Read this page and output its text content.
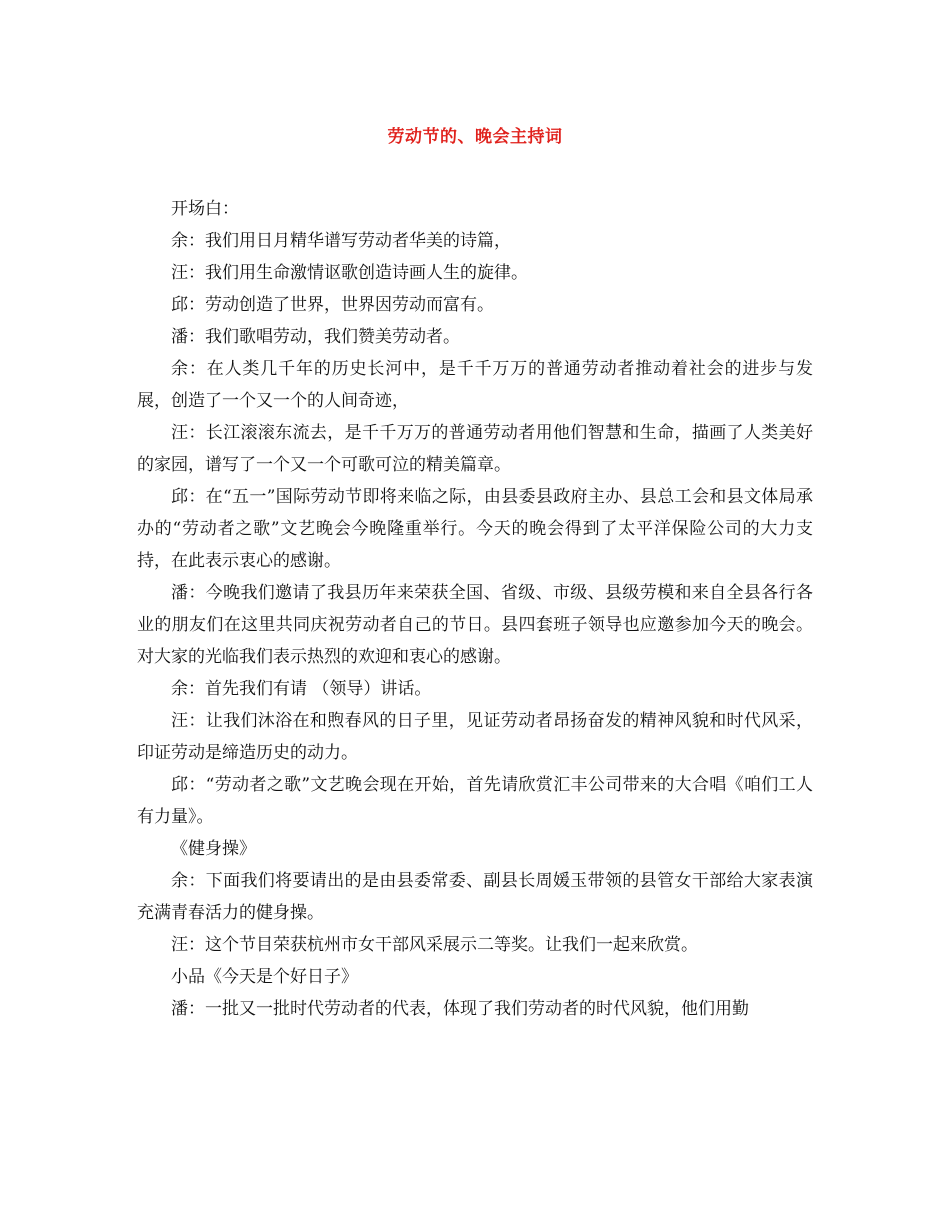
劳动节的、晚会主持词

开场白：

余：我们用日月精华谱写劳动者华美的诗篇，

汪：我们用生命激情讴歌创造诗画人生的旋律。

邱：劳动创造了世界，世界因劳动而富有。

潘：我们歌唱劳动，我们赞美劳动者。

余：在人类几千年的历史长河中，是千千万万的普通劳动者推动着社会的进步与发展，创造了一个又一个的人间奇迹，

汪：长江滚滚东流去，是千千万万的普通劳动者用他们智慧和生命，描画了人类美好的家园，谱写了一个又一个可歌可泣的精美篇章。

邱：在“五一”国际劳动节即将来临之际，由县委县政府主办、县总工会和县文体局承办的“劳动者之歌”文艺晚会今晚隆重举行。今天的晚会得到了太平洋保险公司的大力支持，在此表示衷心的感谢。

潘：今晚我们邀请了我县历年来荣获全国、省级、市级、县级劳模和来自全县各行各业的朋友们在这里共同庆祝劳动者自己的节日。县四套班子领导也应邀参加今天的晚会。对大家的光临我们表示热烈的欢迎和衷心的感谢。

余：首先我们有请 （领导）讲话。

汪：让我们沐浴在和煦春风的日子里，见证劳动者昂扬奋发的精神风貌和时代风采，印证劳动是缔造历史的动力。

邱：“劳动者之歌”文艺晚会现在开始，首先请欣赏汇丰公司带来的大合唱《咱们工人有力量》。

《健身操》

余：下面我们将要请出的是由县委常委、副县长周媛玉带领的县管女干部给大家表演充满青春活力的健身操。

汪：这个节目荣获杭州市女干部风采展示二等奖。让我们一起来欣赏。

小品《今天是个好日子》

潘：一批又一批时代劳动者的代表，体现了我们劳动者的时代风貌，他们用勤
